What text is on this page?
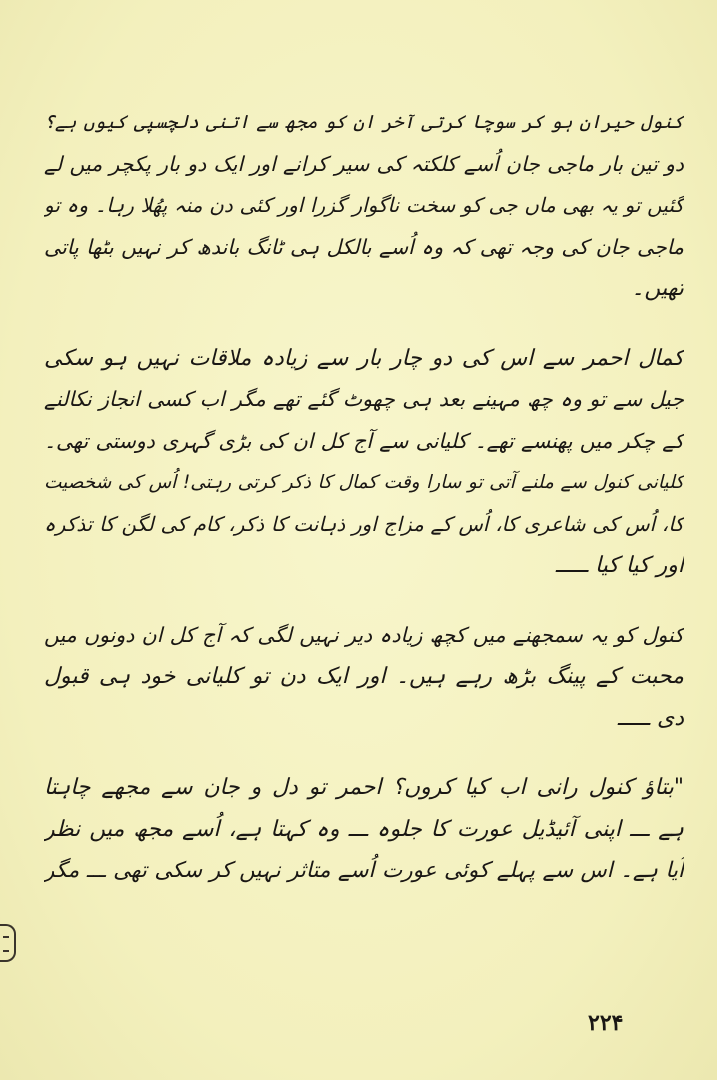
کنول حیران ہو کر سوچا کرتی آخر ان کو مجھ سے اتنی دلچسپی کیوں ہے؟
دو تین بار ماجی جان اُسے کلکتہ کی سیر کرانے اور ایک دو بار پکچر میں لے
گئیں تو یہ بھی ماں جی کو سخت ناگوار گزرا اور کئی دن منہ پھُلا رہا۔ وہ تو
ماجی جان کی وجہ تھی کہ وہ اُسے بالکل ہی ٹانگ باندھ کر نہیں بٹھا پاتی
تھیں۔

کمال احمر سے اس کی دو چار بار سے زیادہ ملاقات نہیں ہو سکی
جیل سے تو وہ چھ مہینے بعد ہی چھوٹ گئے تھے مگر اب کسی انجاز نکالنے
کے چکر میں پھنسے تھے۔ کلیانی سے آج کل ان کی بڑی گہری دوستی تھی۔
کلیانی کنول سے ملنے آتی تو سارا وقت کمال کا ذکر کرتی رہتی! اُس کی شخصیت
کا، اُس کی شاعری کا، اُس کے مزاج اور ذہانت کا ذکر، کام کی لگن کا تذکرہ
اور کیا کیا ـــــ

کنول کو یہ سمجھنے میں کچھ زیادہ دیر نہیں لگی کہ آج کل ان دونوں میں
محبت کے پینگ بڑھ رہے ہیں۔ اور ایک دن تو کلیانی خود ہی قبول
دی ـــــ

"بتاؤ کنول رانی اب کیا کروں؟ احمر تو دل و جان سے مجھے چاہتا
ہے ـــ اپنی آئیڈیل عورت کا جلوہ ـــ وہ کہتا ہے، اُسے مجھ میں نظر
آیا ہے۔ اس سے پہلے کوئی عورت اُسے متاثر نہیں کر سکی تھی ـــ مگر

۲۲۴
